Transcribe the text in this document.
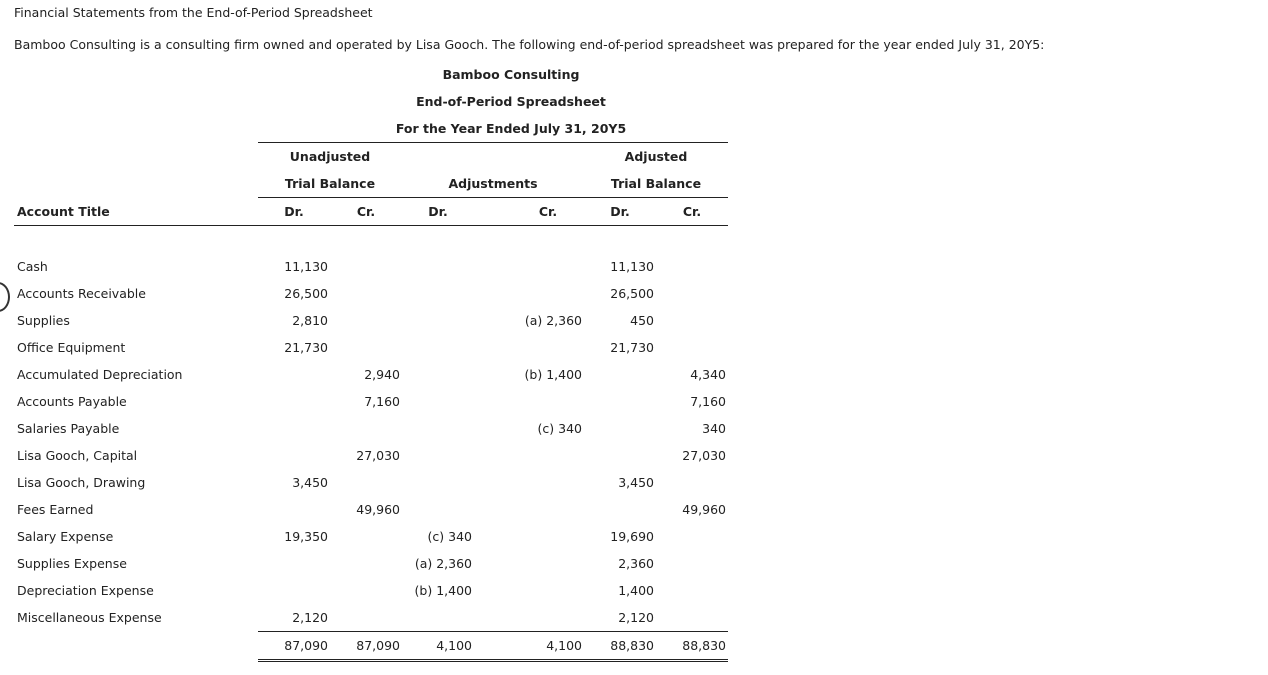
Financial Statements from the End-of-Period Spreadsheet
Bamboo Consulting is a consulting firm owned and operated by Lisa Gooch. The following end-of-period spreadsheet was prepared for the year ended July 31, 20Y5:
Bamboo Consulting
End-of-Period Spreadsheet
For the Year Ended July 31, 20Y5
	Unadjusted					Adjusted	
	Trial Balance		Adjustments			Trial Balance	
Account Title	Dr.	Cr.	Dr.		Cr.	Dr.	Cr.

Cash	11,130					11,130	
Accounts Receivable	26,500					26,500	
Supplies	2,810				(a) 2,360	450	
Office Equipment	21,730					21,730	
Accumulated Depreciation		2,940			(b) 1,400		4,340
Accounts Payable		7,160					7,160
Salaries Payable					(c) 340		340
Lisa Gooch, Capital		27,030					27,030
Lisa Gooch, Drawing	3,450					3,450	
Fees Earned		49,960					49,960
Salary Expense	19,350		(c) 340			19,690	
Supplies Expense			(a) 2,360			2,360	
Depreciation Expense			(b) 1,400			1,400	
Miscellaneous Expense	2,120					2,120	
	87,090	87,090	4,100		4,100	88,830	88,830
